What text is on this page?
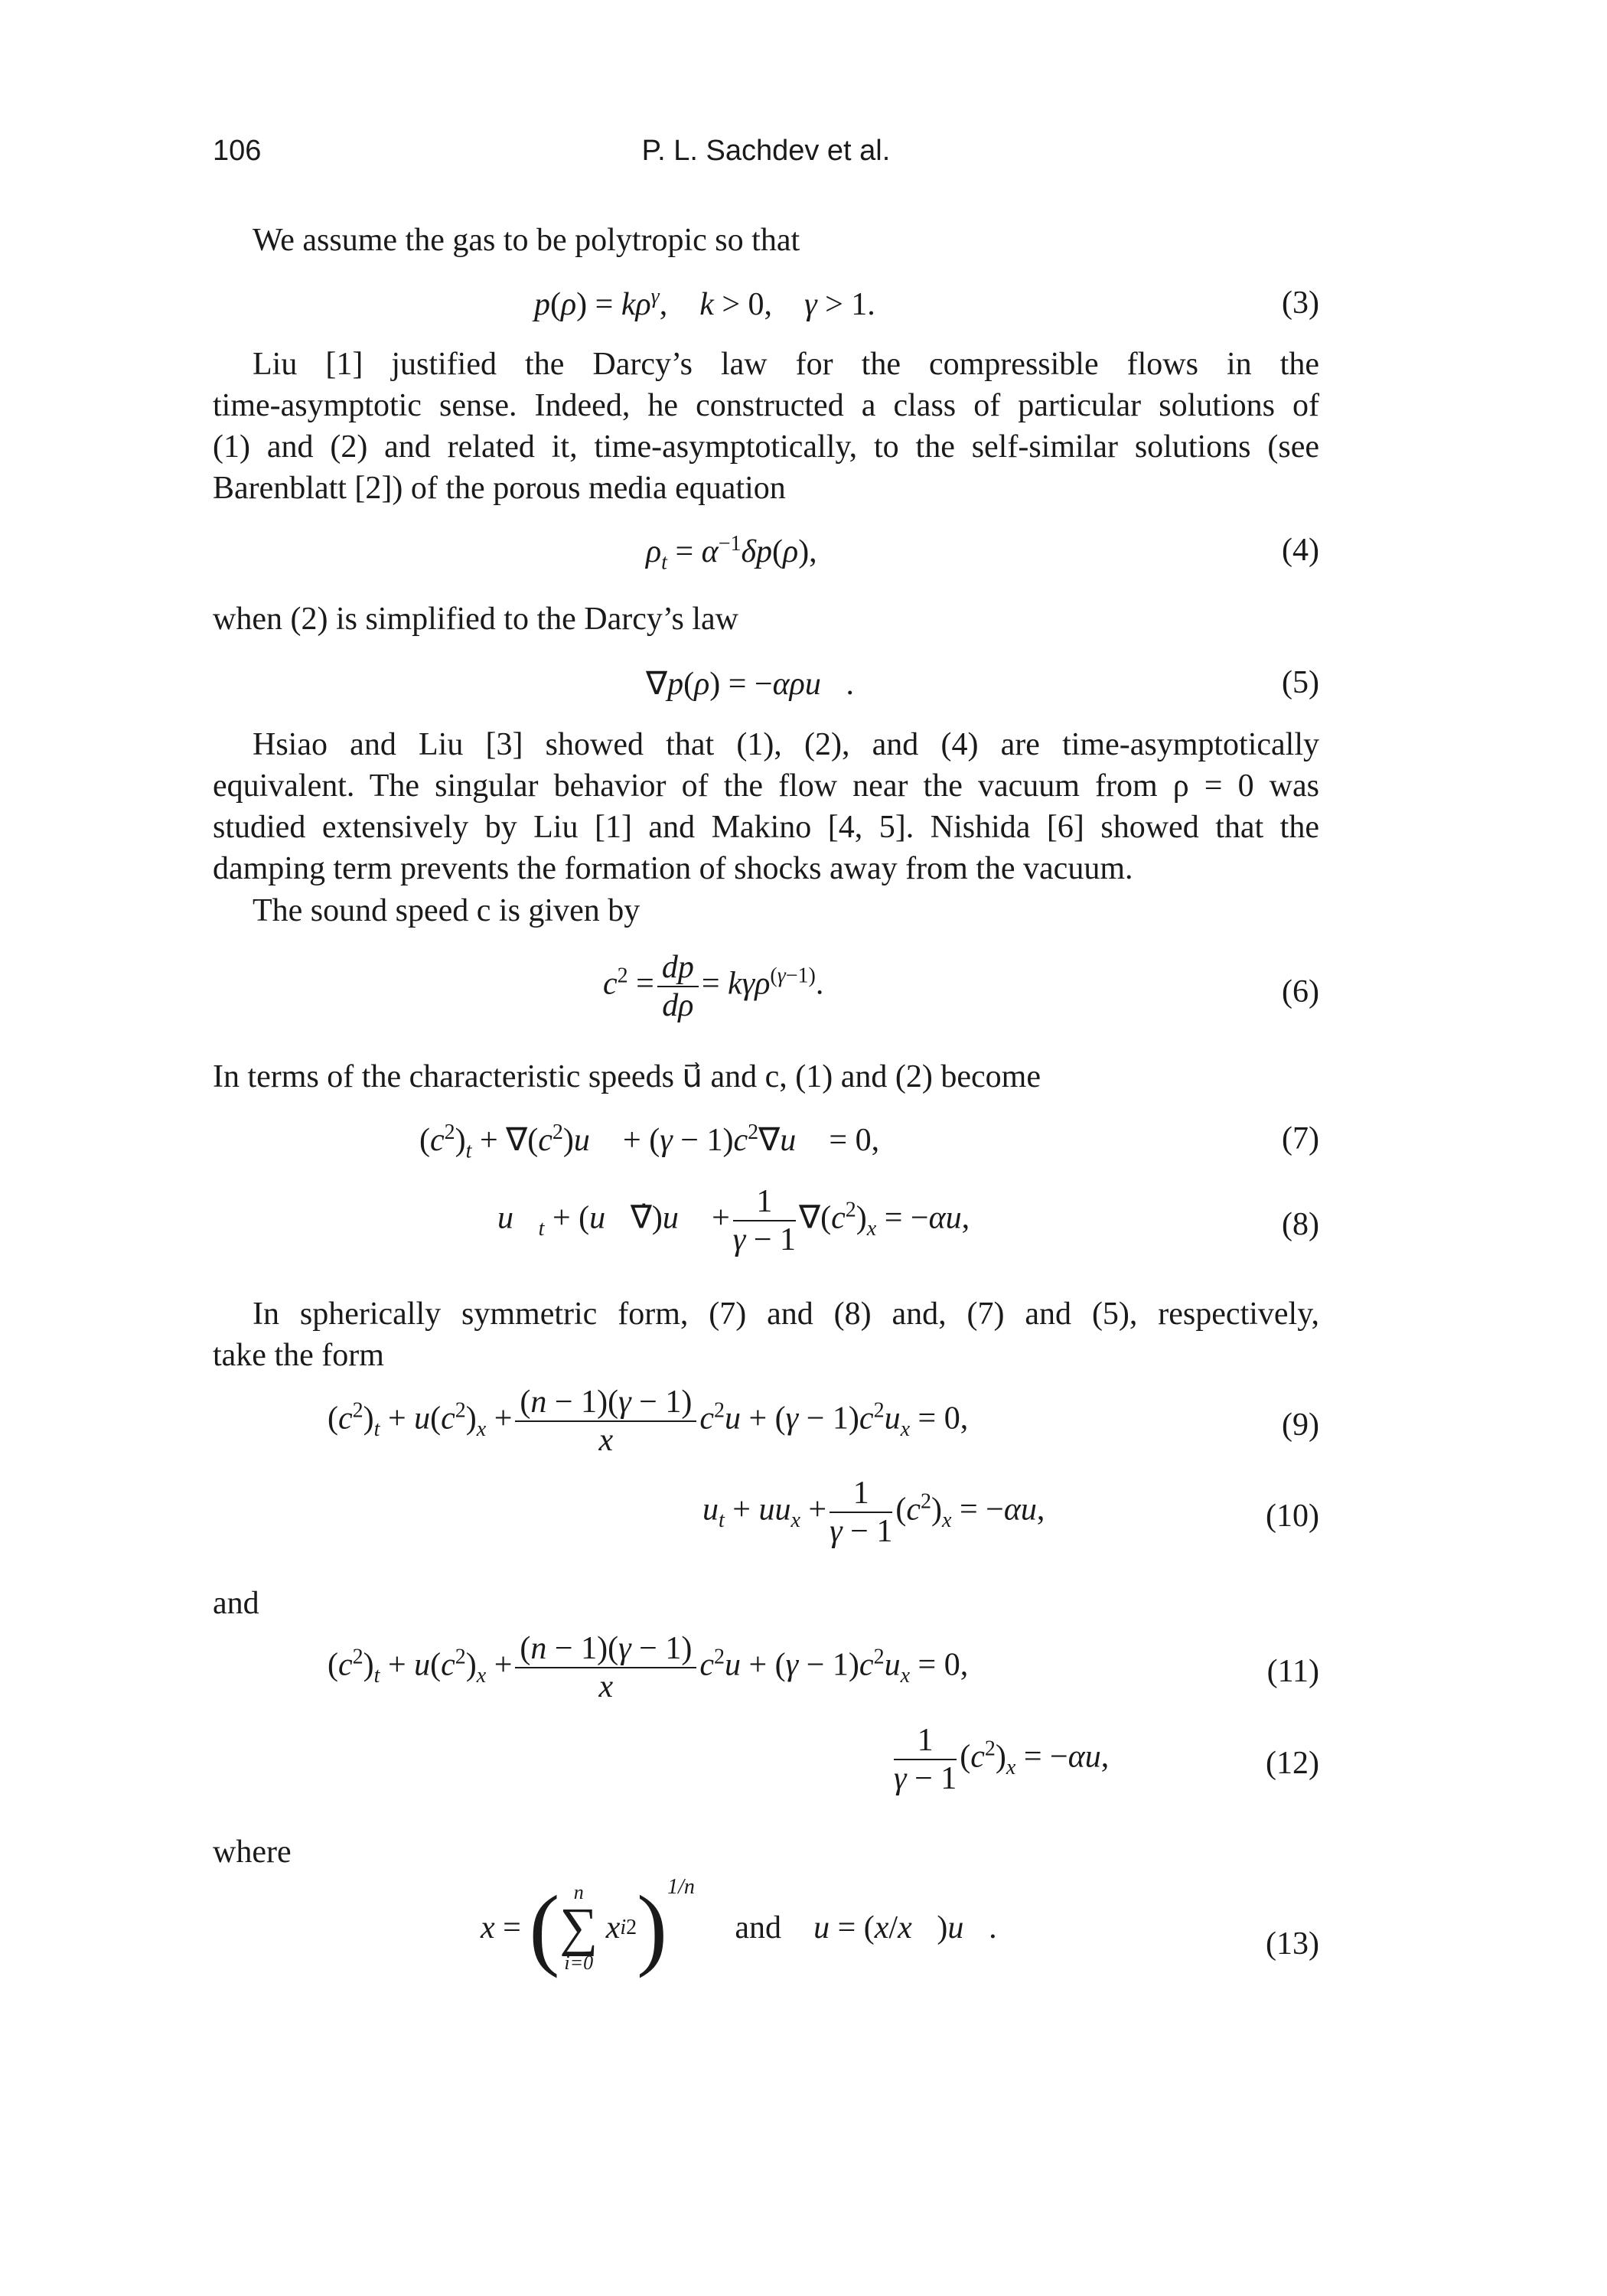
106	P. L. Sachdev et al.
We assume the gas to be polytropic so that
$p(\rho) = k\rho^\gamma$,    k > 0,    γ > 1.	(3)
Liu [1] justified the Darcy’s law for the compressible flows in the
time-asymptotic sense. Indeed, he constructed a class of particular solutions of
(1) and (2) and related it, time-asymptotically, to the self-similar solutions (see
Barenblatt [2]) of the porous media equation
$\rho_t = \alpha^{-1}\delta p(\rho)$,	(4)
when (2) is simplified to the Darcy’s law
∇p(ρ) = −αρu⃗.	(5)
Hsiao and Liu [3] showed that (1), (2), and (4) are time-asymptotically
equivalent. The singular behavior of the flow near the vacuum from ρ = 0 was
studied extensively by Liu [1] and Makino [4, 5]. Nishida [6] showed that the
damping term prevents the formation of shocks away from the vacuum.
The sound speed c is given by
$c^2 = \frac{dp}{d\rho} = k\gamma\rho^{(\gamma-1)}$.	(6)
In terms of the characteristic speeds u⃗ and c, (1) and (2) become
$(c^2)_t$ + $\nabla(c^2)u⃗ + (\gamma$ − $1)c^2\nabla u⃗ = 0$,	(7)
$u⃗_t$ + (u⃗∇̇)u⃗ + $\frac{1}{\gamma - 1} \nabla(c^2)_x = -\alpha u$,	(8)
In spherically symmetric form, (7) and (8) and, (7) and (5), respectively,
take the form
$(c^2)_t + u(c^2)_x + \frac{(n - 1)(\gamma - 1)}{x} c^2u + (\gamma - 1)c^2u_x = 0$,	(9)
$u_t + uu_x + \frac{1}{\gamma - 1} (c^2)_x = -\alpha u$,	(10)
and
$(c^2)_t + u(c^2)_x + \frac{(n - 1)(\gamma - 1)}{x} c^2u + (\gamma - 1)c^2u_x = 0$,	(11)
$\frac{1}{\gamma - 1} (c^2)_x = -\alpha u$,	(12)
where
x = ( n
∑
i=0
xi2)$^{1/n}$     and u = (x/x⃗)u⃗.	(13)
